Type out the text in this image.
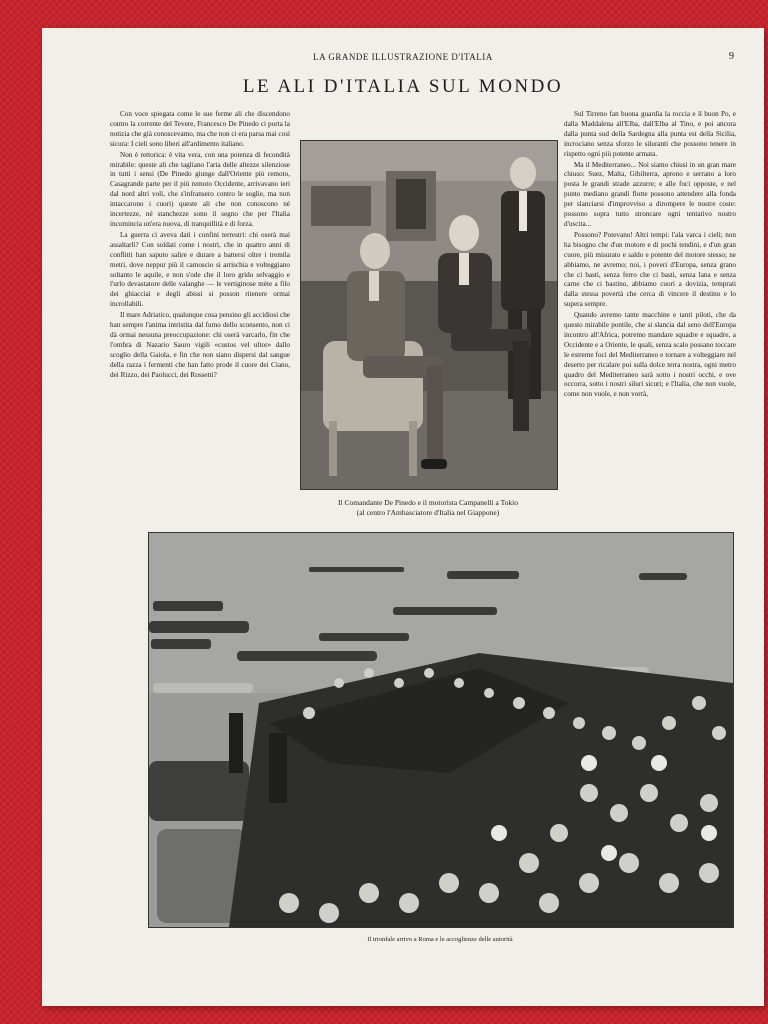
LA GRANDE ILLUSTRAZIONE D'ITALIA	9
LE ALI D'ITALIA SUL MONDO

Con voce spiegata come le sue ferme ali che discendono contro la corrente del Tevere, Francesco De Pinedo ci porta la notizia che già conoscevamo, ma che non ci era parsa mai così sicura: I cieli sono liberi all'ardimento italiano.

Non è rettorica: è vita vera, con una potenza di fecondità mirabile: queste ali che tagliano l'aria delle altezze silenziose in tutti i sensi (De Pinedo giunge dall'Oriente più remoto, Casagrande parte per il più remoto Occidente, arrivavano ieri dal nord altri voli, che s'infransero contro le soglie, ma non intaccarono i cuori) queste ali che non conoscono né incertezze, né stanchezze sono il segno che per l'Italia incomincia un'era nuova, di tranquillità e di forza.

La guerra ci aveva dati i confini terrestri: chi oserà mai assaltarli? Con soldati come i nostri, che in quattro anni di conflitti han saputo salire e durare a battersi oltre i tremila metri, dove neppur più il camoscio si arrischia e volteggiano soltanto le aquile, e non s'ode che il loro grido selvaggio e l'urlo devastatore delle valanghe — le vertiginose mète a filo dei ghiacciai e degli abissi si posson ritenere ormai incrollabili.

Il mare Adriatico, qualunque cosa pensino gli accidiosi che han sempre l'anima intristita dal fumo dello sconsento, non ci dà ormai nessuna preoccupazione: chi oserà varcarlo, fin che l'ombra di Nazario Sauro vigili «custos vel ultor» dallo scoglio della Gaiola, e fin che non siano dispersi dal sangue della razza i fermenti che han fatto prode il cuore dei Ciano, dei Rizzo, dei Paolucci, dei Rossetti?

Sul Tirreno fan buona guardia la roccia e il buon Po, e dalla Maddalena all'Elba, dall'Elba al Tino, e poi ancora dalla punta sud della Sardegna alla punta est della Sicilia, incrociano senza sforzo le siluranti che possono tenere in rispetto ogni più potente armata.

Ma il Mediterraneo... Noi siamo chiusi in un gran mare chiuso: Suez, Malta, Gibilterra, aprono e serrano a loro posta le grandi strade azzurre; e alle foci opposte, e nel punto mediano grandi flotte possono attendere alla fonda per slanciarsi d'improvviso a dirompere le nostre coste: possono sopra tutto stroncare ogni tentativo nostro d'uscita...

Possono? Potevano! Altri tempi: l'ala varca i cieli; non ha bisogno che d'un motore e di pochi tendini, e d'un gran cuore, più misurato e saldo e potente del motore stesso; ne abbiamo, ne avremo; noi, i poveri d'Europa, senza grano che ci basti, senza ferro che ci basti, senza lana e senza carne che ci bastino, abbiamo cuori a dovizia, temprati dalla stessa povertà che cerca di vincere il destino e lo supera sempre.

Quando avremo tante macchine e tanti piloti, che da questo mirabile pontile, che si slancia dal seno dell'Europa incontro all'Africa, potremo mandare squadre e squadre, a Occidente e a Oriente, le quali, senza scalo possano toccare le estreme foci del Mediterraneo e tornare a volteggiare nel deserto per ricalare poi sulla dolce terra nostra, ogni metro quadro del Mediterraneo sarà sotto i nostri occhi, e ove occorra, sotto i nostri siluri sicuri; e l'Italia, che non vuole, come non vuole, e non vorrà,

Il Comandante De Pinedo e il motorista Campanelli a Tokio
(al centro l'Ambasciatore d'Italia nel Giappone)
Il trionfale arrivo a Roma e le accoglienze delle autorità
